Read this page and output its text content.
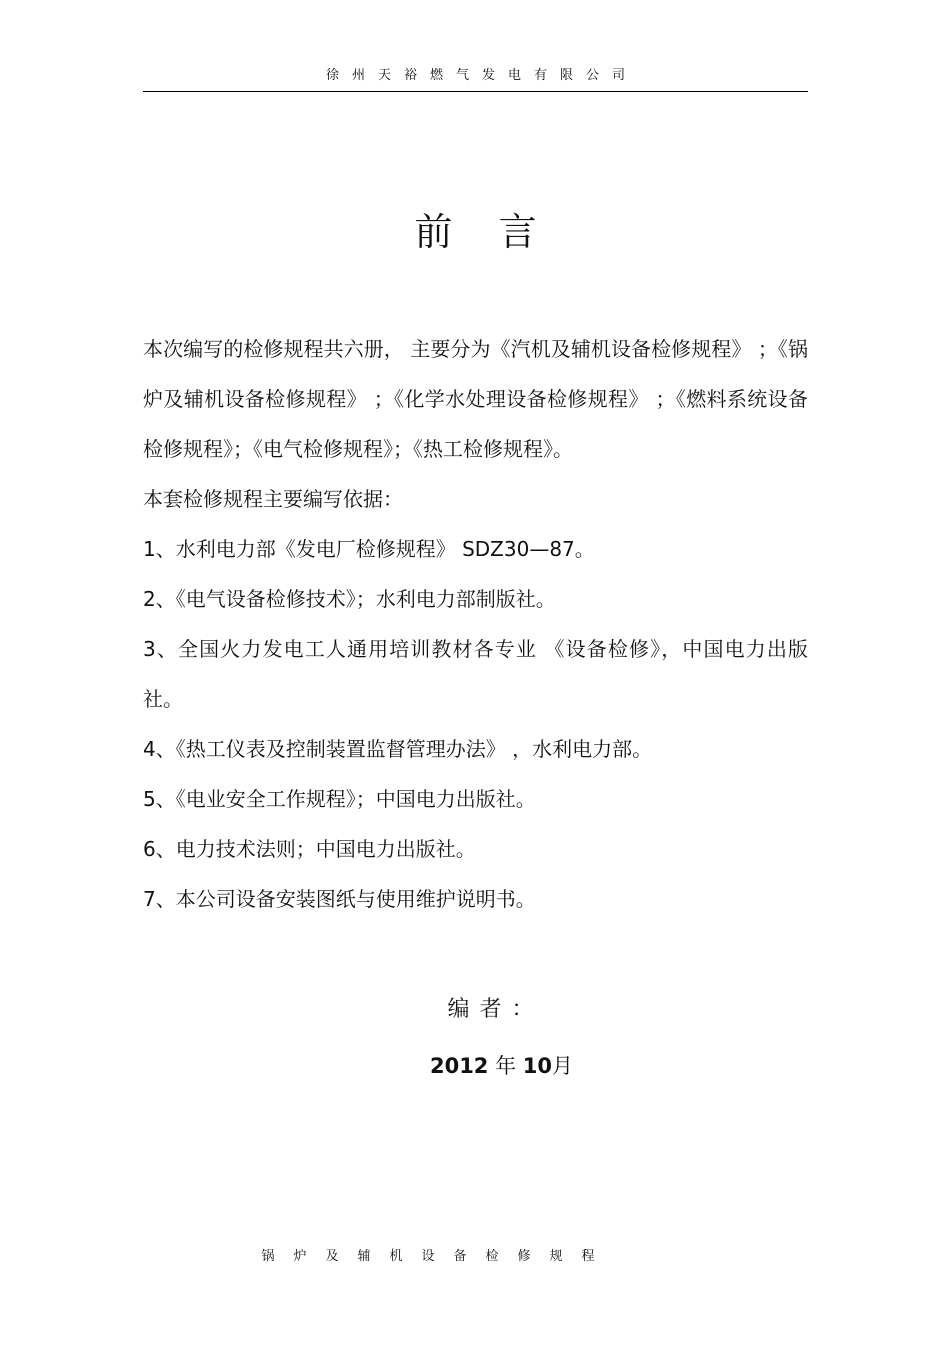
徐州天裕燃气发电有限公司
前言

本次编写的检修规程共六册， 主要分为《汽机及辅机设备检修规程》 ；《锅炉及辅机设备检修规程》 ；《化学水处理设备检修规程》 ；《燃料系统设备检修规程》；《电气检修规程》；《热工检修规程》。

本套检修规程主要编写依据：

1、水利电力部《发电厂检修规程》 SDZ30—87。

2、《电气设备检修技术》；水利电力部制版社。

3、全国火力发电工人通用培训教材各专业 《设备检修》，中国电力出版社。

4、《热工仪表及控制装置监督管理办法》 ，水利电力部。

5、《电业安全工作规程》；中国电力出版社。

6、电力技术法则；中国电力出版社。

7、本公司设备安装图纸与使用维护说明书。

编者：
2012 年 10月
锅炉及辅机设备检修规程
